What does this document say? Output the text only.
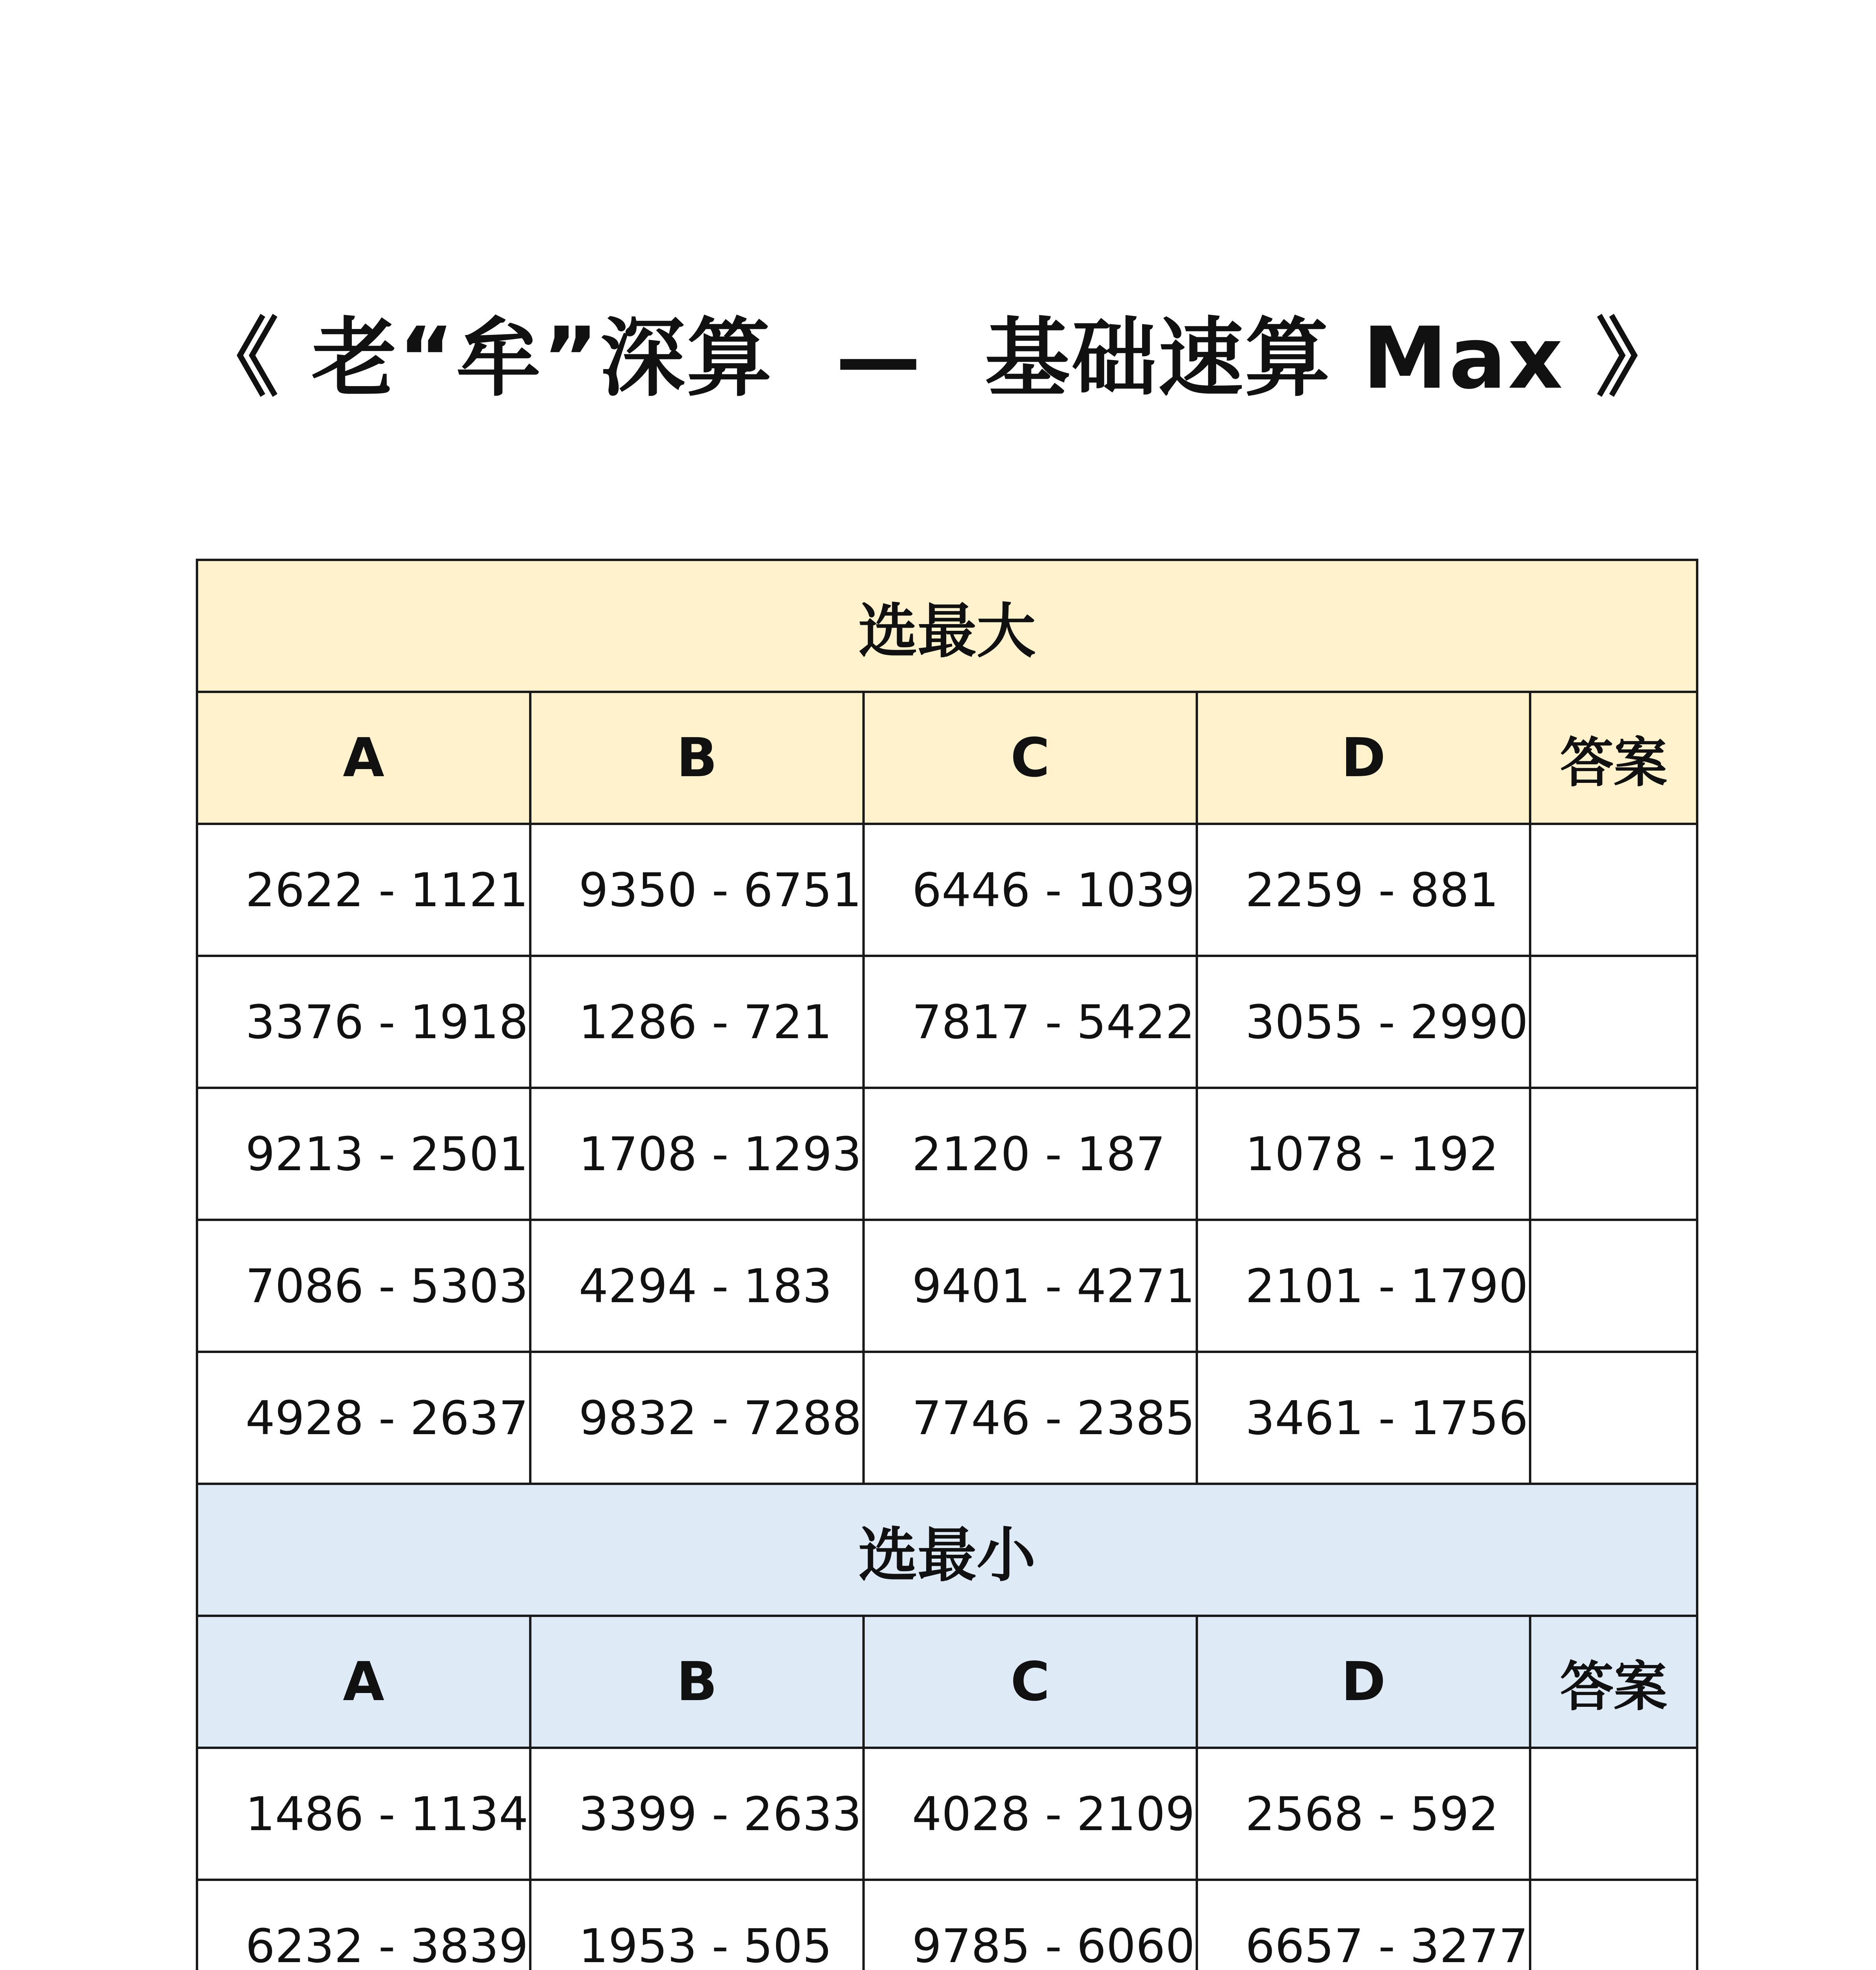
《 老“牟”深算  —  基础速算 Max 》
选最大				
A	B	C	D	答案
2622 - 1121	9350 - 6751	6446 - 1039	2259 - 881	
3376 - 1918	1286 - 721	7817 - 5422	3055 - 2990	
9213 - 2501	1708 - 1293	2120 - 187	1078 - 192	
7086 - 5303	4294 - 183	9401 - 4271	2101 - 1790	
4928 - 2637	9832 - 7288	7746 - 2385	3461 - 1756	
选最小				
A	B	C	D	答案
1486 - 1134	3399 - 2633	4028 - 2109	2568 - 592	
6232 - 3839	1953 - 505	9785 - 6060	6657 - 3277	
